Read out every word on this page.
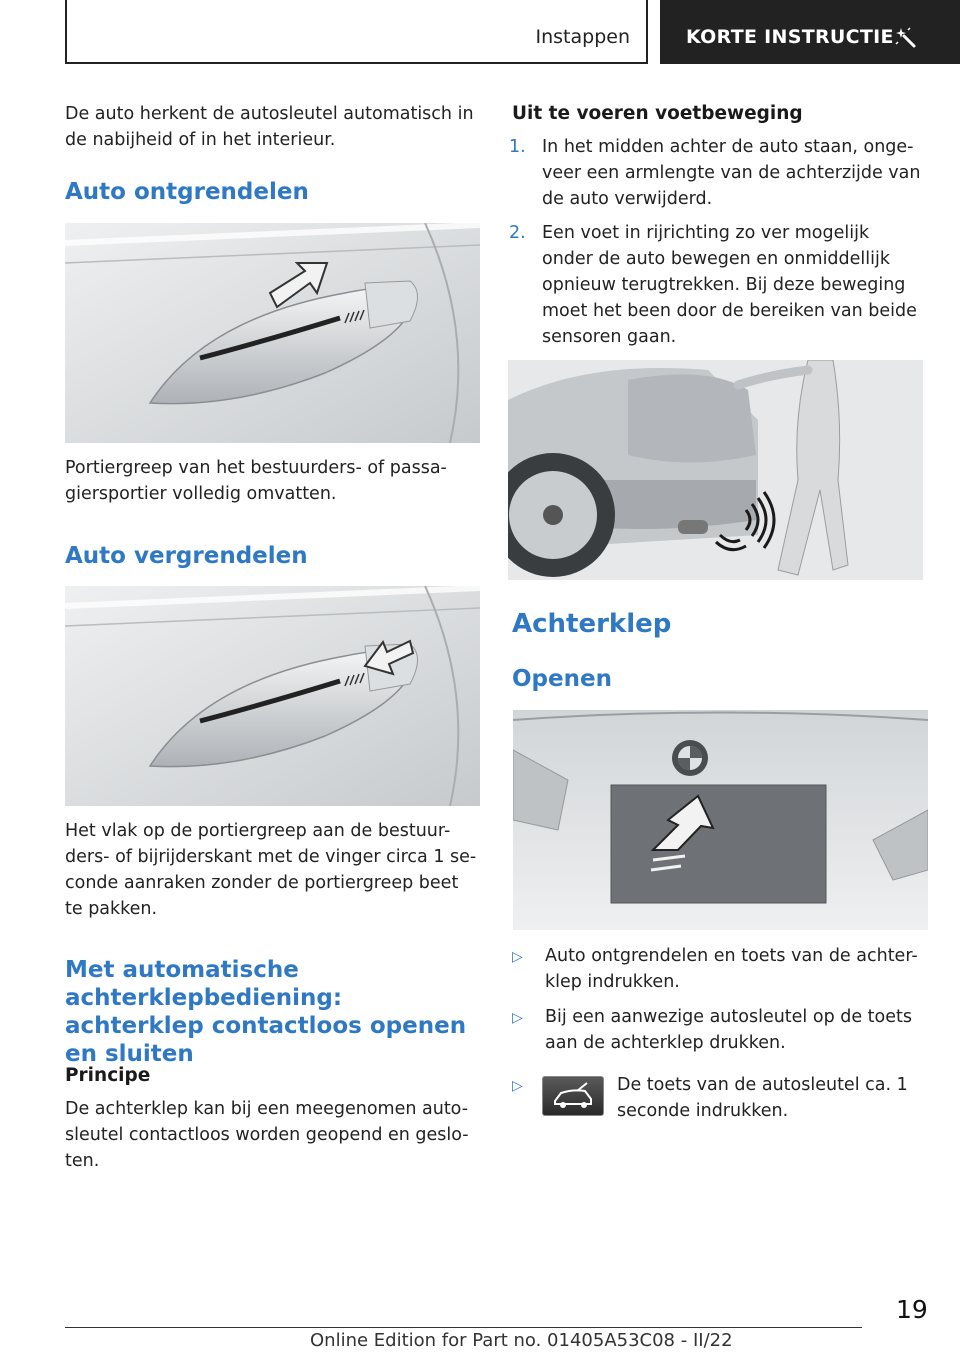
Instappen	KORTE INSTRUCTIE

De auto herkent de autosleutel automatisch in de nabijheid of in het interieur.

Auto ontgrendelen

Portiergreep van het bestuurders- of passa-giersportier volledig omvatten.

Auto vergrendelen

Het vlak op de portiergreep aan de bestuur-ders- of bijrijderskant met de vinger circa 1 se-conde aanraken zonder de portiergreep beet te pakken.

Met automatische achterklepbediening: achterklep contactloos openen en sluiten
Principe

De achterklep kan bij een meegenomen auto-sleutel contactloos worden geopend en geslo-ten.

Uit te voeren voetbeweging
1. In het midden achter de auto staan, onge-veer een armlengte van de achterzijde van de auto verwijderd.
2. Een voet in rijrichting zo ver mogelijk onder de auto bewegen en onmiddellijk opnieuw terugtrekken. Bij deze beweging moet het been door de bereiken van beide sensoren gaan.
Achterklep
Openen
▷ Auto ontgrendelen en toets van de achter-klep indrukken.
▷ Bij een aanwezige autosleutel op de toets aan de achterklep drukken.
▷	De toets van de autosleutel ca. 1 seconde indrukken.
19
Online Edition for Part no. 01405A53C08 - II/22
